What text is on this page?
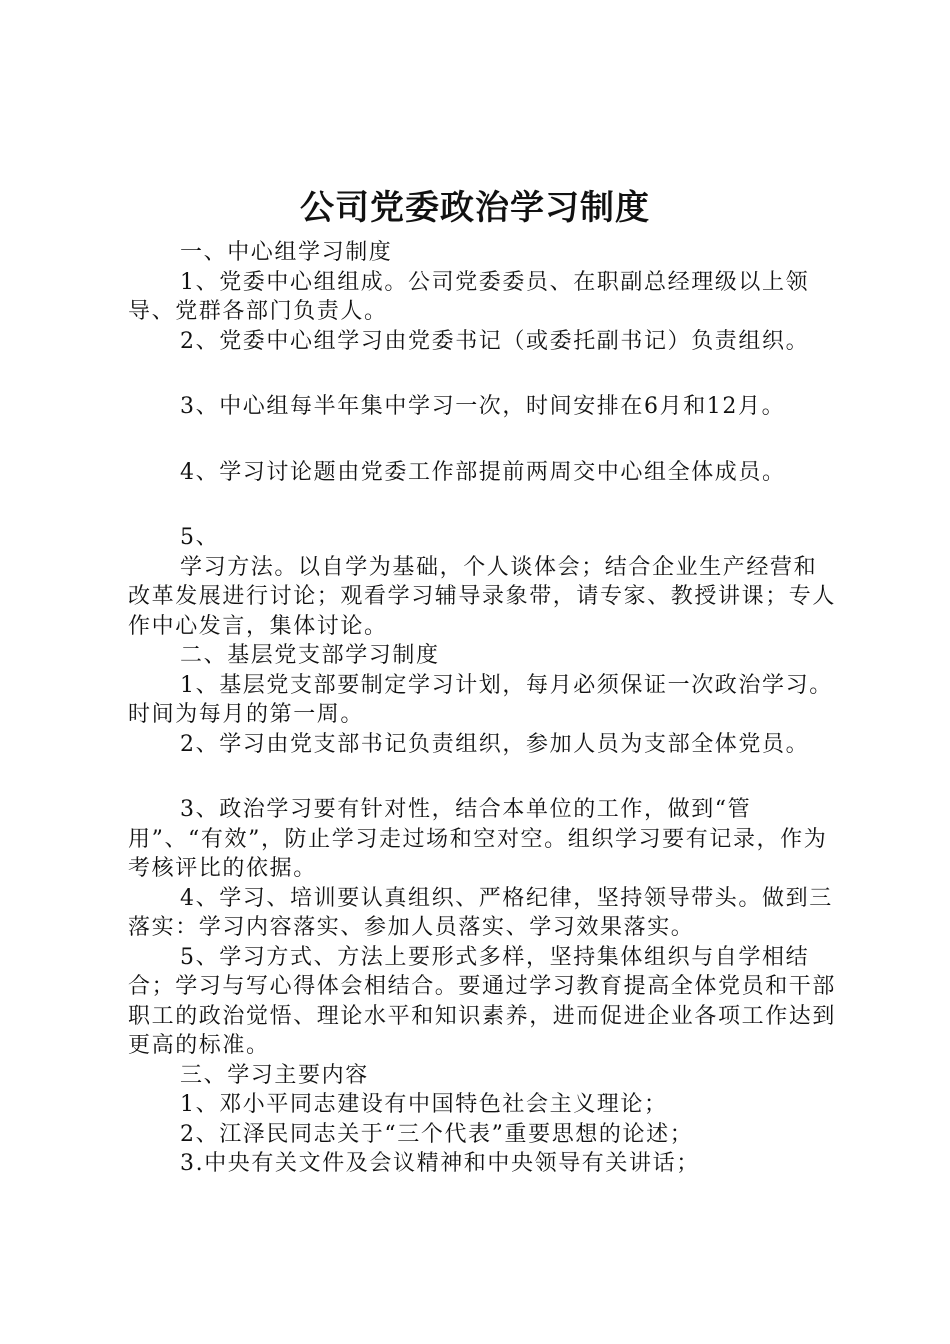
公司党委政治学习制度

一、中心组学习制度

1、党委中心组组成。公司党委委员、在职副总经理级以上领导、党群各部门负责人。

2、党委中心组学习由党委书记（或委托副书记）负责组织。

3、中心组每半年集中学习一次，时间安排在6月和12月。

4、学习讨论题由党委工作部提前两周交中心组全体成员。

5、

学习方法。以自学为基础，个人谈体会；结合企业生产经营和改革发展进行讨论；观看学习辅导录象带，请专家、教授讲课；专人作中心发言，集体讨论。

二、基层党支部学习制度

1、基层党支部要制定学习计划，每月必须保证一次政治学习。时间为每月的第一周。

2、学习由党支部书记负责组织，参加人员为支部全体党员。

3、政治学习要有针对性，结合本单位的工作，做到“管用”、“有效”，防止学习走过场和空对空。组织学习要有记录，作为考核评比的依据。

4、学习、培训要认真组织、严格纪律，坚持领导带头。做到三落实：学习内容落实、参加人员落实、学习效果落实。

5、学习方式、方法上要形式多样，坚持集体组织与自学相结合；学习与写心得体会相结合。要通过学习教育提高全体党员和干部职工的政治觉悟、理论水平和知识素养，进而促进企业各项工作达到更高的标准。

三、学习主要内容

1、邓小平同志建设有中国特色社会主义理论；

2、江泽民同志关于“三个代表”重要思想的论述；

3.中央有关文件及会议精神和中央领导有关讲话；
